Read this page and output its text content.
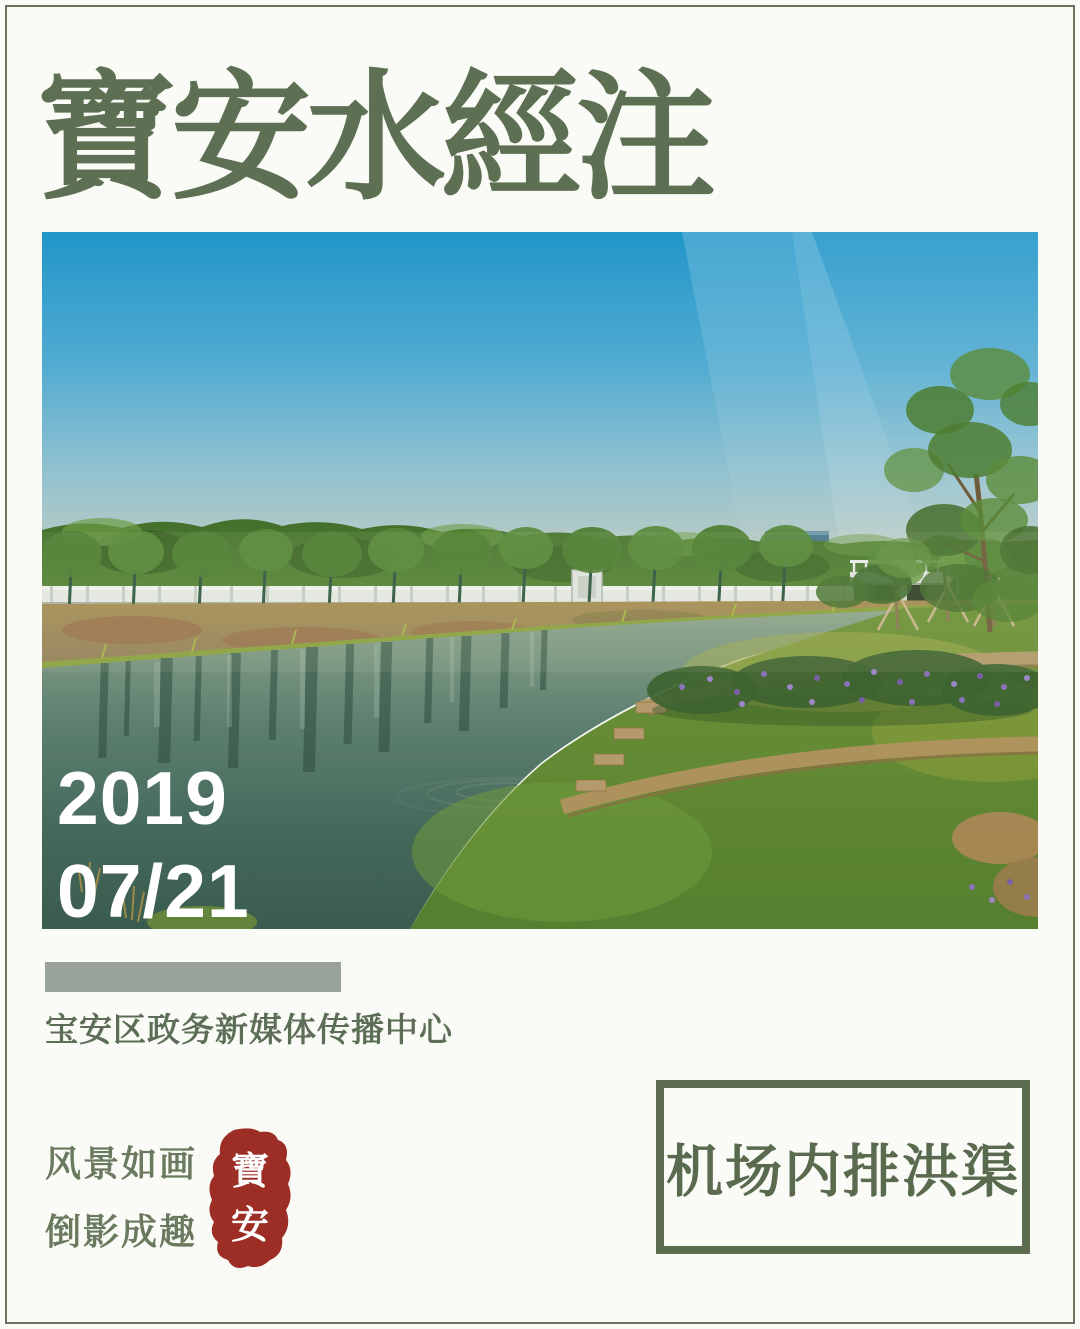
寶安水經注
2019
07/21
宝安区政务新媒体传播中心
风景如画
倒影成趣
寶
安
机场内排洪渠
